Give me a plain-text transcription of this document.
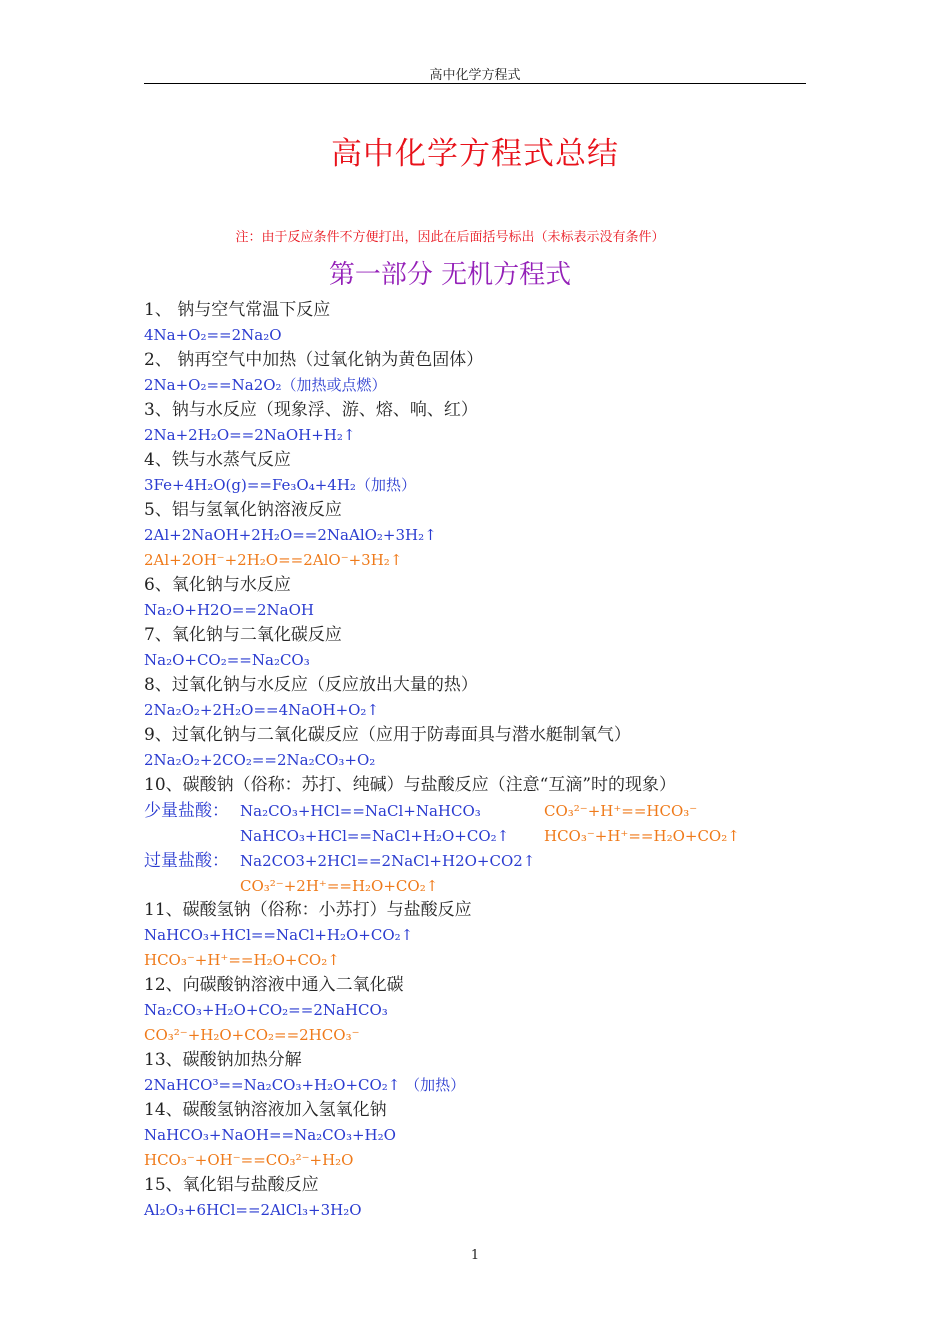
高中化学方程式
高中化学方程式总结
注：由于反应条件不方便打出，因此在后面括号标出（未标表示没有条件）
第一部分 无机方程式
1、 钠与空气常温下反应
4Na+O₂==2Na₂O
2、 钠再空气中加热（过氧化钠为黄色固体）
2Na+O₂==Na2O₂（加热或点燃）
3、钠与水反应（现象浮、游、熔、响、红）
2Na+2H₂O==2NaOH+H₂↑
4、铁与水蒸气反应
3Fe+4H₂O(g)==Fe₃O₄+4H₂（加热）
5、铝与氢氧化钠溶液反应
2Al+2NaOH+2H₂O==2NaAlO₂+3H₂↑
2Al+2OH⁻+2H₂O==2AlO⁻+3H₂↑
6、氧化钠与水反应
Na₂O+H2O==2NaOH
7、氧化钠与二氧化碳反应
Na₂O+CO₂==Na₂CO₃
8、过氧化钠与水反应（反应放出大量的热）
2Na₂O₂+2H₂O==4NaOH+O₂↑
9、过氧化钠与二氧化碳反应（应用于防毒面具与潜水艇制氧气）
2Na₂O₂+2CO₂==2Na₂CO₃+O₂
10、碳酸钠（俗称：苏打、纯碱）与盐酸反应（注意“互滴”时的现象）
少量盐酸： Na₂CO₃+HCl==NaCl+NaHCO₃	CO₃²⁻+H⁺==HCO₃⁻
NaHCO₃+HCl==NaCl+H₂O+CO₂↑ HCO₃⁻+H⁺==H₂O+CO₂↑
过量盐酸： Na2CO3+2HCl==2NaCl+H2O+CO2↑
CO₃²⁻+2H⁺==H₂O+CO₂↑
11、碳酸氢钠（俗称：小苏打）与盐酸反应
NaHCO₃+HCl==NaCl+H₂O+CO₂↑
HCO₃⁻+H⁺==H₂O+CO₂↑
12、向碳酸钠溶液中通入二氧化碳
Na₂CO₃+H₂O+CO₂==2NaHCO₃
CO₃²⁻+H₂O+CO₂==2HCO₃⁻
13、碳酸钠加热分解
2NaHCO³==Na₂CO₃+H₂O+CO₂↑ （加热）
14、碳酸氢钠溶液加入氢氧化钠
NaHCO₃+NaOH==Na₂CO₃+H₂O
HCO₃⁻+OH⁻==CO₃²⁻+H₂O
15、氧化铝与盐酸反应
Al₂O₃+6HCl==2AlCl₃+3H₂O
1
